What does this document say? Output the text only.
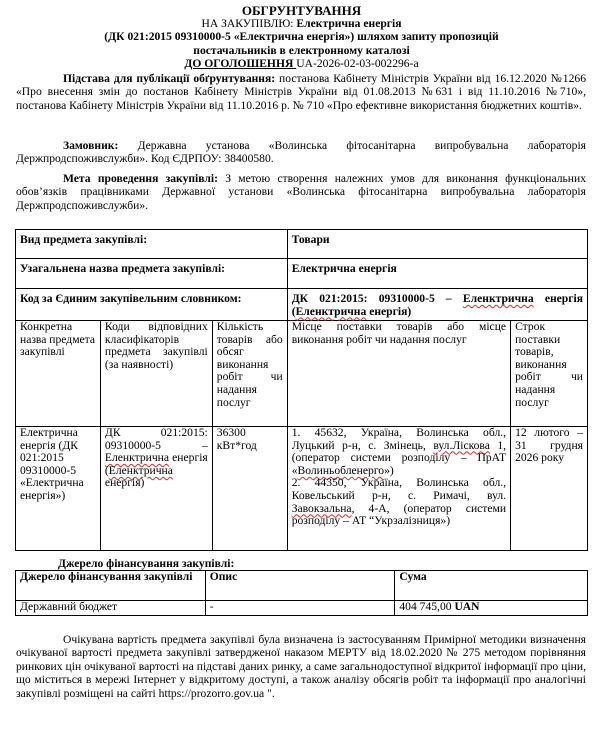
ОБГРУНТУВАННЯ
НА ЗАКУПІВЛЮ: Електрична енергія
(ДК 021:2015 09310000-5 «Електрична енергія») шляхом запиту пропозицій
постачальників в електронному каталозі
ДО ОГОЛОШЕННЯ UA-2026-02-03-002296-a
Підстава для публікації обґрунтування: постанова Кабінету Міністрів України від 16.12.2020 №1266 «Про внесення змін до постанов Кабінету Міністрів України від 01.08.2013 №631 і від 11.10.2016 №710», постанова Кабінету Міністрів України від 11.10.2016 р. № 710 «Про ефективне використання бюджетних коштів».
Замовник: Державна установа «Волинська фітосанітарна випробувальна лабораторія Держпродспоживслужби». Код ЄДРПОУ: 38400580.
Мета проведення закупівлі: З метою створення належних умов для виконання функціональних обов’язків працівниками Державної установи «Волинська фітосанітарна випробувальна лабораторія Держпродспоживслужби».
Вид предмета закупівлі:			Товари	
Узагальнена назва предмета закупівлі:			Електрична енергія	
Код за Єдиним закупівельним словником:			ДК 021:2015: 09310000-5 – Еленктрична енергія (Еленктрична енергія)	
Конкретна назва предмета закупівлі	Коди відповідних класифікаторів предмета закупівлі (за наявності)	Кількість товарів або обсяг виконання робіт чи надання послуг	Місце поставки товарів або місце виконання робіт чи надання послуг	Строк поставки товарів, виконання робіт чи надання послуг
Електрична енергія (ДК 021:2015 09310000-5 «Електрична енергія»)	ДК 021:2015: 09310000-5 – Еленктрична енергія (Еленктрична енергія)	36300 кВт*год	1. 45632, Україна, Волинська обл., Луцький р-н, с. Змінець, вул.Ліскова 1, (оператор системи розподілу – ПрАТ «Волиньобленерго»)
2. 44350, Україна, Волинська обл., Ковельський р-н, с. Римачі, вул. Завокзальна, 4-А, (оператор системи розподілу – АТ “Укрзалізниця»)	12 лютого – 31 грудня 2026 року
Джерело фінансування закупівлі:
Джерело фінансування закупівлі	Опис	Сума
Державний бюджет	-	404 745,00 UAN
Очікувана вартість предмета закупівлі була визначена із застосуванням Примірної методики визначення очікуваної вартості предмета закупівлі затвердженої наказом МЕРТУ від 18.02.2020 № 275 методом порівняння ринкових цін очікуваної вартості на підставі даних ринку, а саме загальнодоступної відкритої інформації про ціни, що міститься в мережі Інтернет у відкритому доступі, а також аналізу обсягів робіт та інформації про аналогічні закупівлі розміщені на сайті https://prozorro.gov.ua ".
